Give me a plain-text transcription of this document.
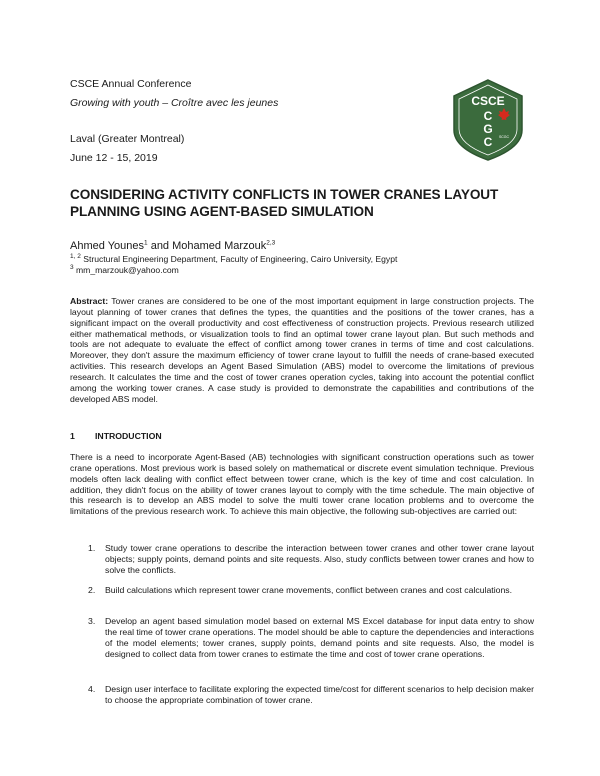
CSCE Annual Conference
Growing with youth – Croître avec les jeunes
Laval (Greater Montreal)
June 12 - 15, 2019
CSCE
C
G
C SCGC
CONSIDERING ACTIVITY CONFLICTS IN TOWER CRANES LAYOUT PLANNING USING AGENT-BASED SIMULATION
Ahmed Younes$^1$ and Mohamed Marzouk$^{2,3}$
$^{1, 2}$ Structural Engineering Department, Faculty of Engineering, Cairo University, Egypt
$^3$ mm_marzouk@yahoo.com
Abstract: Tower cranes are considered to be one of the most important equipment in large construction projects. The layout planning of tower cranes that defines the types, the quantities and the positions of the tower cranes, has a significant impact on the overall productivity and cost effectiveness of construction projects. Previous research utilized either mathematical methods, or visualization tools to find an optimal tower crane layout plan. But such methods and tools are not adequate to evaluate the effect of conflict among tower cranes in terms of time and cost calculations. Moreover, they don't assure the maximum efficiency of tower crane layout to fulfill the needs of crane-based executed activities. This research develops an Agent Based Simulation (ABS) model to overcome the limitations of previous research. It calculates the time and the cost of tower cranes operation cycles, taking into account the potential conflict among the working tower cranes. A case study is provided to demonstrate the capabilities and contributions of the developed ABS model.
1 INTRODUCTION
There is a need to incorporate Agent-Based (AB) technologies with significant construction operations such as tower crane operations. Most previous work is based solely on mathematical or discrete event simulation technique. Previous models often lack dealing with conflict effect between tower crane, which is the key of time and cost calculation. In addition, they didn't focus on the ability of tower cranes layout to comply with the time schedule. The main objective of this research is to develop an ABS model to solve the multi tower crane location problems and to overcome the limitations of the previous research work. To achieve this main objective, the following sub-objectives are carried out:
1. Study tower crane operations to describe the interaction between tower cranes and other tower crane layout objects; supply points, demand points and site requests. Also, study conflicts between tower cranes and how to solve the conflicts.
2. Build calculations which represent tower crane movements, conflict between cranes and cost calculations.
3. Develop an agent based simulation model based on external MS Excel database for input data entry to show the real time of tower crane operations. The model should be able to capture the dependencies and interactions of the model elements; tower cranes, supply points, demand points and site requests. Also, the model is designed to collect data from tower cranes to estimate the time and cost of tower crane operations.
4. Design user interface to facilitate exploring the expected time/cost for different scenarios to help decision maker to choose the appropriate combination of tower crane.
